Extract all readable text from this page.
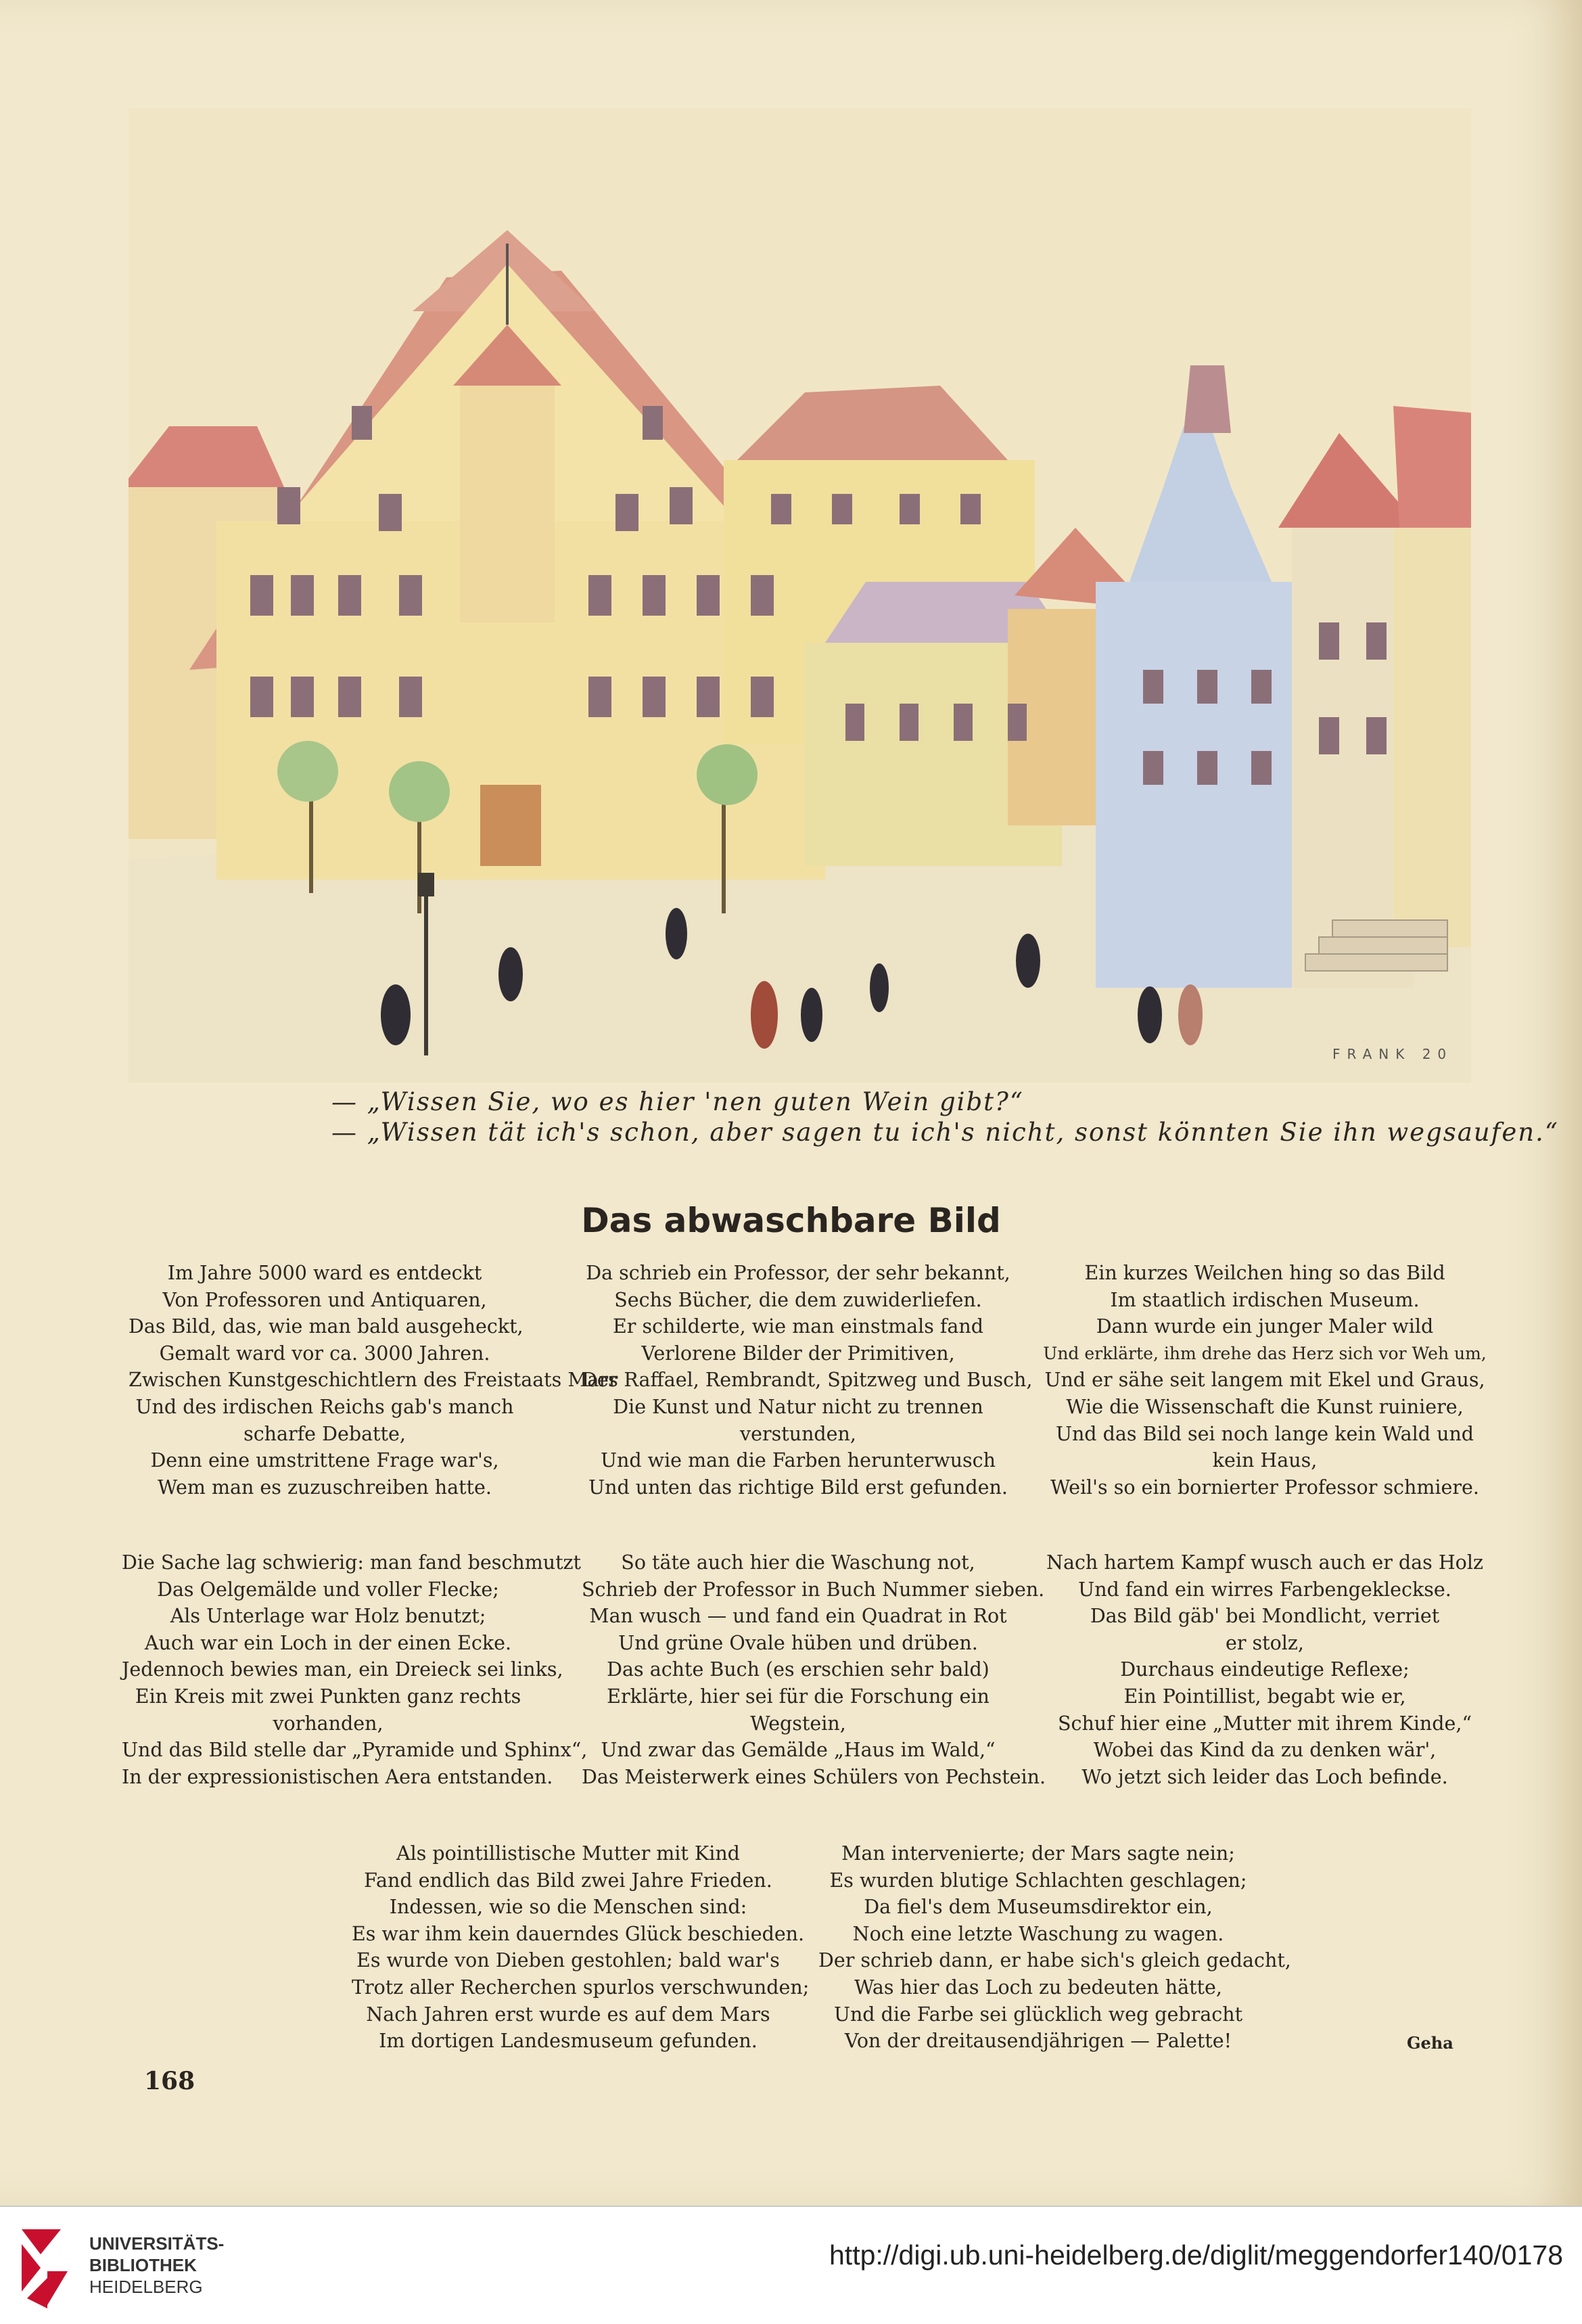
FRANK 20
— „Wissen Sie, wo es hier 'nen guten Wein gibt?“
— „Wissen tät ich's schon, aber sagen tu ich's nicht, sonst könnten Sie ihn wegsaufen.“
Das abwaschbare Bild
Im Jahre 5000 ward es entdeckt
Von Professoren und Antiquaren,
Das Bild, das, wie man bald ausgeheckt,
Gemalt ward vor ca. 3000 Jahren.
Zwischen Kunstgeschichtlern des Freistaats Mars
Und des irdischen Reichs gab's manch
scharfe Debatte,
Denn eine umstrittene Frage war's,
Wem man es zuzuschreiben hatte.
Da schrieb ein Professor, der sehr bekannt,
Sechs Bücher, die dem zuwiderliefen.
Er schilderte, wie man einstmals fand
Verlorene Bilder der Primitiven,
Der Raffael, Rembrandt, Spitzweg und Busch,
Die Kunst und Natur nicht zu trennen
verstunden,
Und wie man die Farben herunterwusch
Und unten das richtige Bild erst gefunden.
Ein kurzes Weilchen hing so das Bild
Im staatlich irdischen Museum.
Dann wurde ein junger Maler wild
Und erklärte, ihm drehe das Herz sich vor Weh um,
Und er sähe seit langem mit Ekel und Graus,
Wie die Wissenschaft die Kunst ruiniere,
Und das Bild sei noch lange kein Wald und
kein Haus,
Weil's so ein bornierter Professor schmiere.
Die Sache lag schwierig: man fand beschmutzt
Das Oelgemälde und voller Flecke;
Als Unterlage war Holz benutzt;
Auch war ein Loch in der einen Ecke.
Jedennoch bewies man, ein Dreieck sei links,
Ein Kreis mit zwei Punkten ganz rechts
vorhanden,
Und das Bild stelle dar „Pyramide und Sphinx“,
In der expressionistischen Aera entstanden.
So täte auch hier die Waschung not,
Schrieb der Professor in Buch Nummer sieben.
Man wusch — und fand ein Quadrat in Rot
Und grüne Ovale hüben und drüben.
Das achte Buch (es erschien sehr bald)
Erklärte, hier sei für die Forschung ein
Wegstein,
Und zwar das Gemälde „Haus im Wald,“
Das Meisterwerk eines Schülers von Pechstein.
Nach hartem Kampf wusch auch er das Holz
Und fand ein wirres Farbengekleckse.
Das Bild gäb' bei Mondlicht, verriet
er stolz,
Durchaus eindeutige Reflexe;
Ein Pointillist, begabt wie er,
Schuf hier eine „Mutter mit ihrem Kinde,“
Wobei das Kind da zu denken wär',
Wo jetzt sich leider das Loch befinde.
Als pointillistische Mutter mit Kind
Fand endlich das Bild zwei Jahre Frieden.
Indessen, wie so die Menschen sind:
Es war ihm kein dauerndes Glück beschieden.
Es wurde von Dieben gestohlen; bald war's
Trotz aller Recherchen spurlos verschwunden;
Nach Jahren erst wurde es auf dem Mars
Im dortigen Landesmuseum gefunden.
Man intervenierte; der Mars sagte nein;
Es wurden blutige Schlachten geschlagen;
Da fiel's dem Museumsdirektor ein,
Noch eine letzte Waschung zu wagen.
Der schrieb dann, er habe sich's gleich gedacht,
Was hier das Loch zu bedeuten hätte,
Und die Farbe sei glücklich weg gebracht
Von der dreitausendjährigen — Palette!	Geha
168
UNIVERSITÄTS-
BIBLIOTHEK
HEIDELBERG
http://digi.ub.uni-heidelberg.de/diglit/meggendorfer140/0178
